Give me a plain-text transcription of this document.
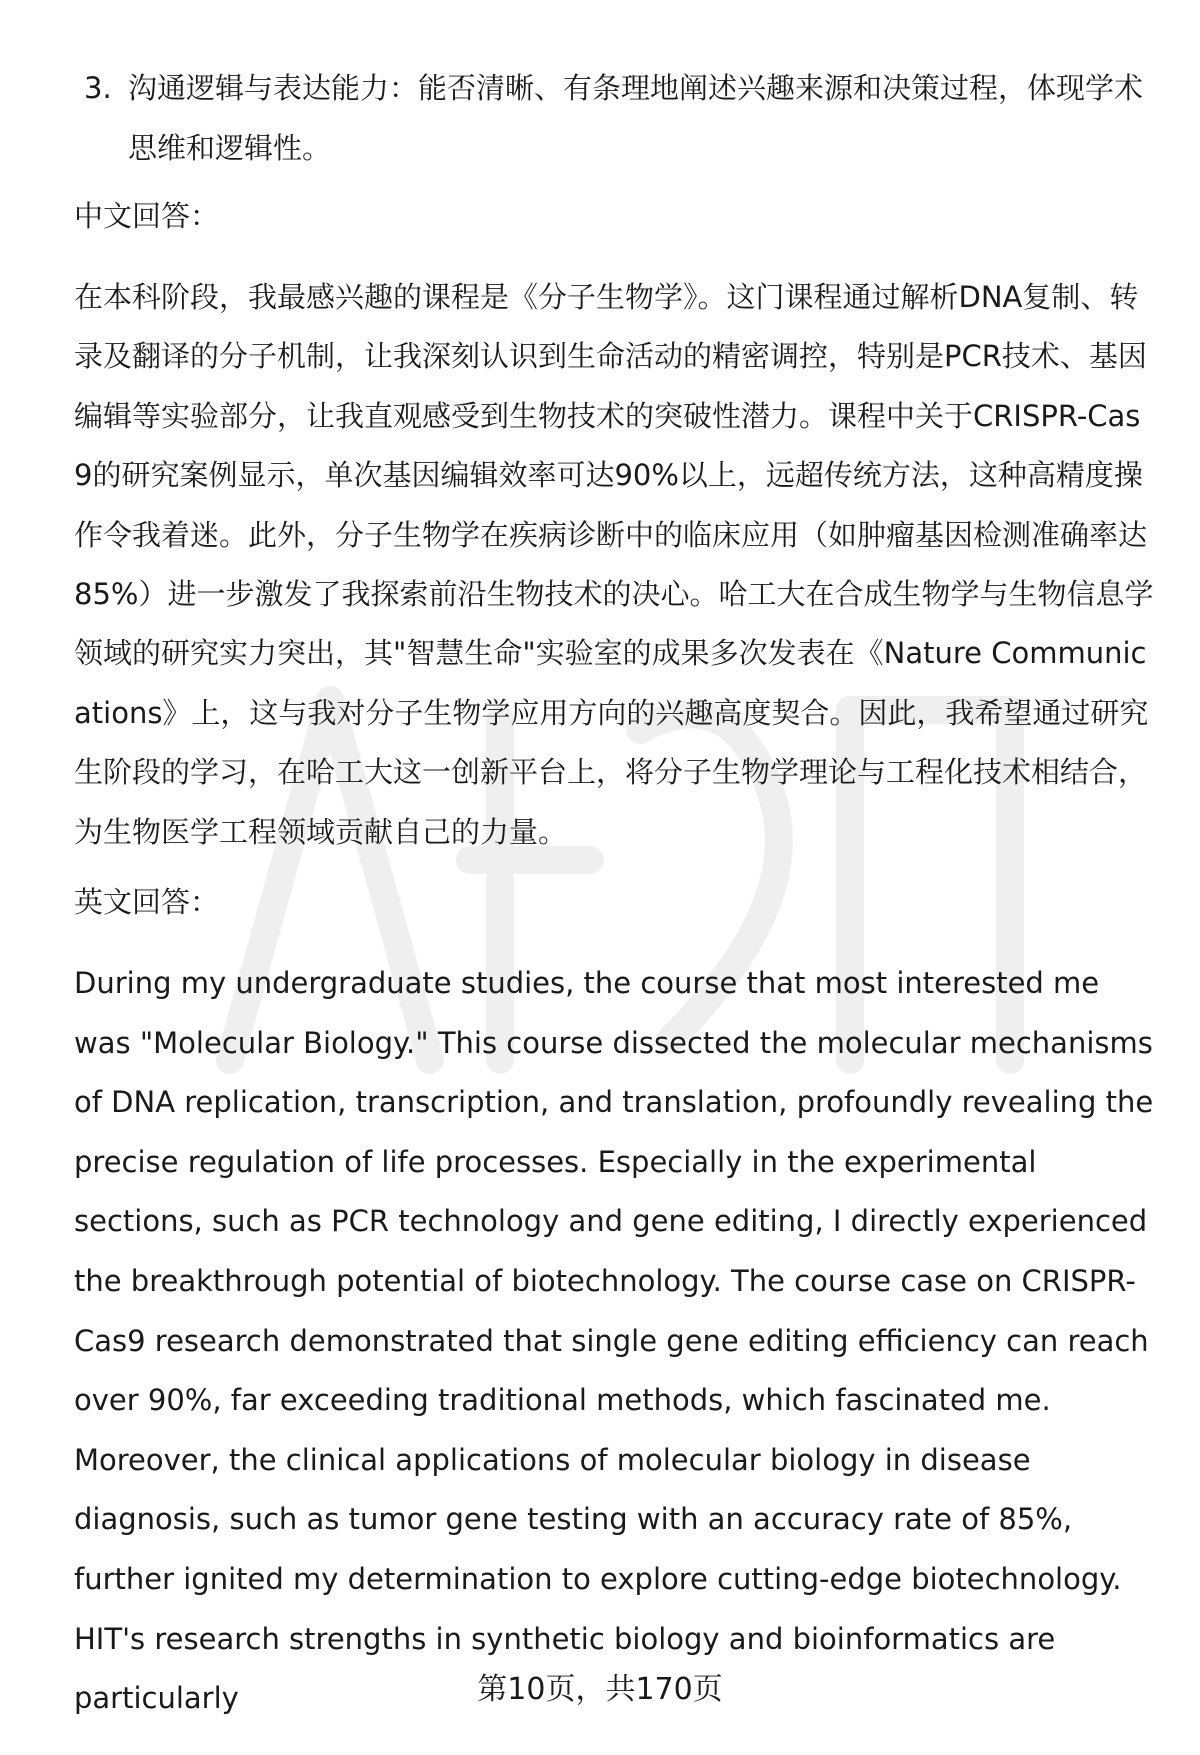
3. 沟通逻辑与表达能力：能否清晰、有条理地阐述兴趣来源和决策过程，体现学术思维和逻辑性。
中文回答：
在本科阶段，我最感兴趣的课程是《分子生物学》。这门课程通过解析DNA复制、转录及翻译的分子机制，让我深刻认识到生命活动的精密调控，特别是PCR技术、基因编辑等实验部分，让我直观感受到生物技术的突破性潜力。课程中关于CRISPR-Cas9的研究案例显示，单次基因编辑效率可达90%以上，远超传统方法，这种高精度操作令我着迷。此外，分子生物学在疾病诊断中的临床应用（如肿瘤基因检测准确率达85%）进一步激发了我探索前沿生物技术的决心。哈工大在合成生物学与生物信息学领域的研究实力突出，其"智慧生命"实验室的成果多次发表在《Nature Communications》上，这与我对分子生物学应用方向的兴趣高度契合。因此，我希望通过研究生阶段的学习，在哈工大这一创新平台上，将分子生物学理论与工程化技术相结合，为生物医学工程领域贡献自己的力量。
英文回答：
During my undergraduate studies, the course that most interested me was "Molecular Biology." This course dissected the molecular mechanisms of DNA replication, transcription, and translation, profoundly revealing the precise regulation of life processes. Especially in the experimental sections, such as PCR technology and gene editing, I directly experienced the breakthrough potential of biotechnology. The course case on CRISPR-Cas9 research demonstrated that single gene editing efficiency can reach over 90%, far exceeding traditional methods, which fascinated me. Moreover, the clinical applications of molecular biology in disease diagnosis, such as tumor gene testing with an accuracy rate of 85%, further ignited my determination to explore cutting-edge biotechnology. HIT's research strengths in synthetic biology and bioinformatics are particularly	第10页，共170页
